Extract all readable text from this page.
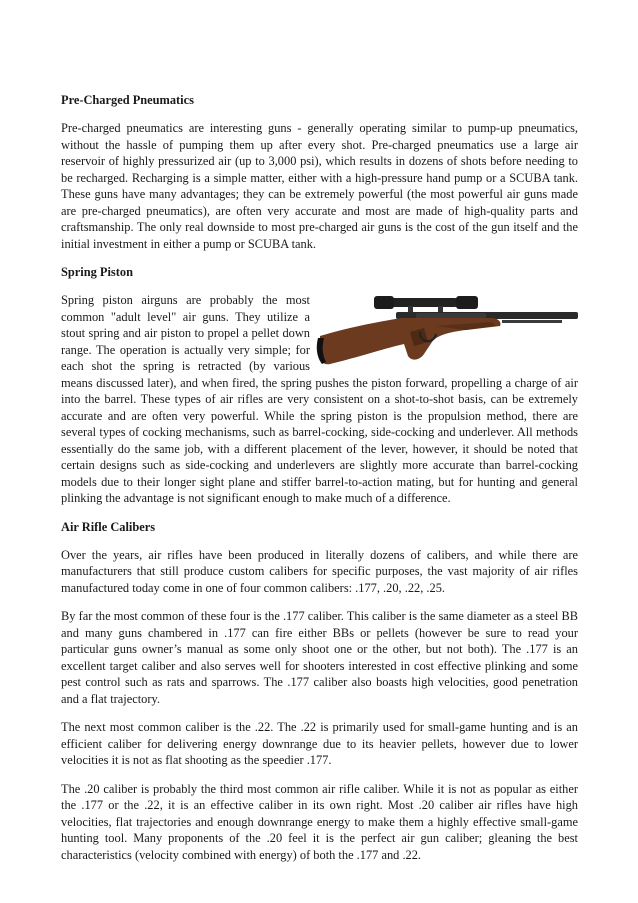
Pre-Charged Pneumatics

Pre-charged pneumatics are interesting guns - generally operating similar to pump-up pneumatics, without the hassle of pumping them up after every shot. Pre-charged pneumatics use a large air reservoir of highly pressurized air (up to 3,000 psi), which results in dozens of shots before needing to be recharged. Recharging is a simple matter, either with a high-pressure hand pump or a SCUBA tank. These guns have many advantages; they can be extremely powerful (the most powerful air guns made are pre-charged pneumatics), are often very accurate and most are made of high-quality parts and craftsmanship. The only real downside to most pre-charged air guns is the cost of the gun itself and the initial investment in either a pump or SCUBA tank.

Spring Piston

Spring piston airguns are probably the most common "adult level" air guns. They utilize a stout spring and air piston to propel a pellet down range. The operation is actually very simple; for each shot the spring is retracted (by various means discussed later), and when fired, the spring pushes the piston forward, propelling a charge of air into the barrel. These types of air rifles are very consistent on a shot-to-shot basis, can be extremely accurate and are often very powerful. While the spring piston is the propulsion method, there are several types of cocking mechanisms, such as barrel-cocking, side-cocking and underlever. All methods essentially do the same job, with a different placement of the lever, however, it should be noted that certain designs such as side-cocking and underlevers are slightly more accurate than barrel-cocking models due to their longer sight plane and stiffer barrel-to-action mating, but for hunting and general plinking the advantage is not significant enough to make much of a difference.

Air Rifle Calibers

Over the years, air rifles have been produced in literally dozens of calibers, and while there are manufacturers that still produce custom calibers for specific purposes, the vast majority of air rifles manufactured today come in one of four common calibers: .177, .20, .22, .25.

By far the most common of these four is the .177 caliber. This caliber is the same diameter as a steel BB and many guns chambered in .177 can fire either BBs or pellets (however be sure to read your particular guns owner’s manual as some only shoot one or the other, but not both). The .177 is an excellent target caliber and also serves well for shooters interested in cost effective plinking and some pest control such as rats and sparrows. The .177 caliber also boasts high velocities, good penetration and a flat trajectory.

The next most common caliber is the .22. The .22 is primarily used for small-game hunting and is an efficient caliber for delivering energy downrange due to its heavier pellets, however due to lower velocities it is not as flat shooting as the speedier .177.

The .20 caliber is probably the third most common air rifle caliber. While it is not as popular as either the .177 or the .22, it is an effective caliber in its own right. Most .20 caliber air rifles have high velocities, flat trajectories and enough downrange energy to make them a highly effective small-game hunting tool. Many proponents of the .20 feel it is the perfect air gun caliber; gleaning the best characteristics (velocity combined with energy) of both the .177 and .22.
